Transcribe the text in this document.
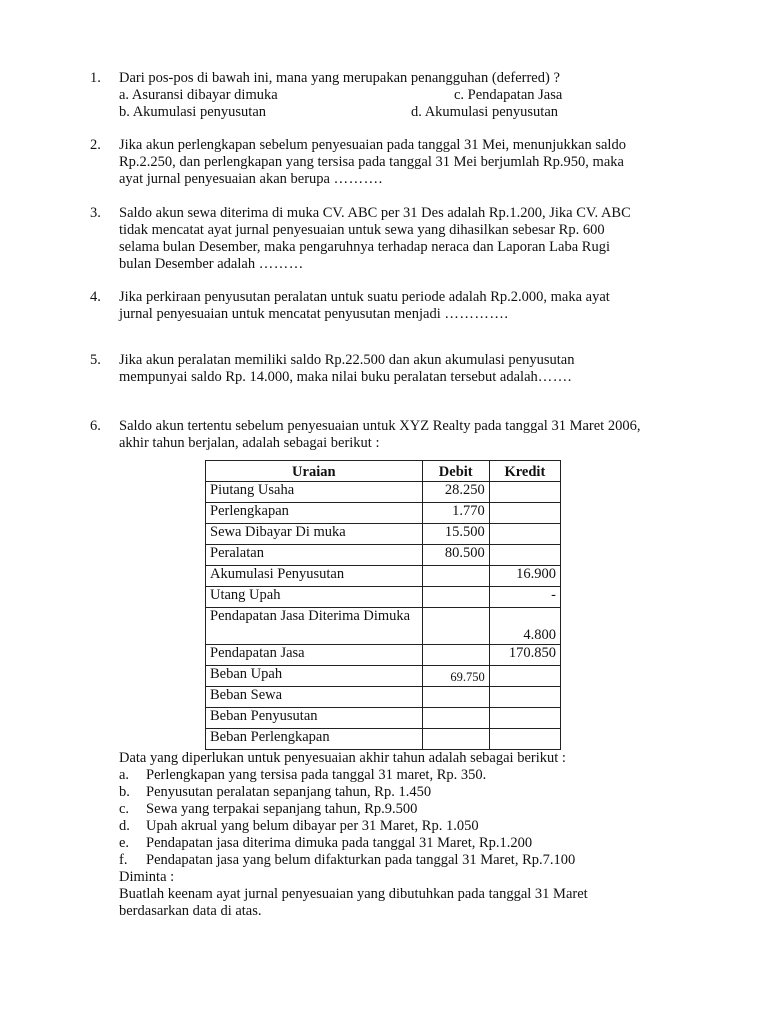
1.	Dari pos-pos di bawah ini, mana yang merupakan penangguhan (deferred) ?
a. Asuransi dibayar dimuka	c. Pendapatan Jasa
b. Akumulasi penyusutan	d. Akumulasi penyusutan
2.	Jika akun perlengkapan sebelum penyesuaian pada tanggal 31 Mei, menunjukkan saldo
Rp.2.250, dan perlengkapan yang tersisa pada tanggal 31 Mei berjumlah Rp.950, maka
ayat jurnal penyesuaian akan berupa ……….
3.	Saldo akun sewa diterima di muka CV. ABC per 31 Des adalah Rp.1.200, Jika CV. ABC
tidak mencatat ayat jurnal penyesuaian untuk sewa yang dihasilkan sebesar Rp. 600
selama bulan Desember, maka pengaruhnya terhadap neraca dan Laporan Laba Rugi
bulan Desember adalah ………
4.	Jika perkiraan penyusutan peralatan untuk suatu periode adalah Rp.2.000, maka ayat
jurnal penyesuaian untuk mencatat penyusutan menjadi ………….
5.	Jika akun peralatan memiliki saldo Rp.22.500 dan akun akumulasi penyusutan
mempunyai saldo Rp. 14.000, maka nilai buku peralatan tersebut adalah…….
6.	Saldo akun tertentu sebelum penyesuaian untuk XYZ Realty pada tanggal 31 Maret 2006,
akhir tahun berjalan, adalah sebagai berikut :
Uraian	Debit	Kredit
Piutang Usaha	28.250	
Perlengkapan	1.770	
Sewa Dibayar Di muka	15.500	
Peralatan	80.500	
Akumulasi Penyusutan		16.900
Utang Upah		-
Pendapatan Jasa Diterima Dimuka		4.800
Pendapatan Jasa		170.850
Beban Upah	69.750	
Beban Sewa		
Beban Penyusutan		
Beban Perlengkapan		
Data yang diperlukan untuk penyesuaian akhir tahun adalah sebagai berikut :
a. Perlengkapan yang tersisa pada tanggal 31 maret, Rp. 350.
b. Penyusutan peralatan sepanjang tahun, Rp. 1.450
c. Sewa yang terpakai sepanjang tahun, Rp.9.500
d. Upah akrual yang belum dibayar per 31 Maret, Rp. 1.050
e. Pendapatan jasa diterima dimuka pada tanggal 31 Maret, Rp.1.200
f. Pendapatan jasa yang belum difakturkan pada tanggal 31 Maret, Rp.7.100
Diminta :
Buatlah keenam ayat jurnal penyesuaian yang dibutuhkan pada tanggal 31 Maret
berdasarkan data di atas.
